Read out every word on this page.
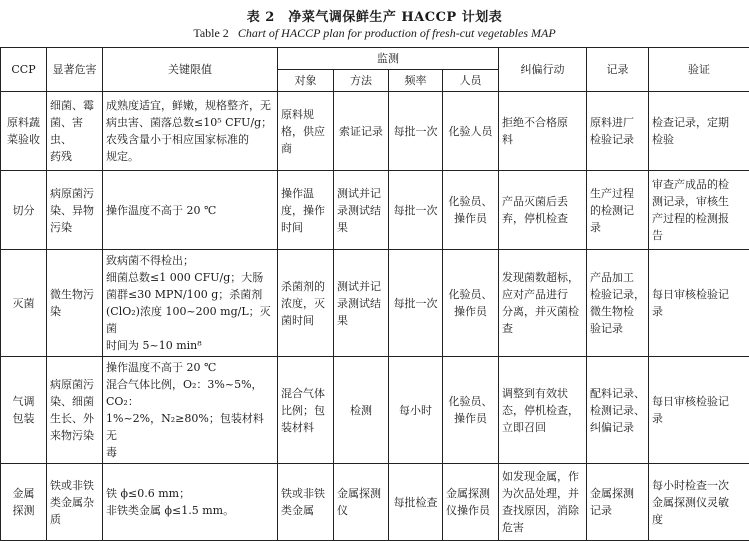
表 2　净菜气调保鲜生产 HACCP 计划表
Table 2 Chart of HACCP plan for production of fresh-cut vegetables MAP
CCP	显著危害	关键限值	监测				纠偏行动	记录	验证
			对象	方法	频率	人员			

原料蔬
菜验收	细菌、霉
菌、害虫、
药残	成熟度适宜，鲜嫩，规格整齐，无
病虫害、菌落总数≤10⁵ CFU/g；
农残含量小于相应国家标准的
规定。	原料规
格，供应
商	索证记录	每批一次	化验人员	拒绝不合格原
料	原料进厂
检验记录	检查记录，定期
检验

切分	病原菌污
染、异物
污染	操作温度不高于 20 ℃	操作温
度，操作
时间	测试并记
录测试结
果	每批一次	化验员、
操作员	产品灭菌后丢
弃，停机检查	生产过程
的检测记
录	审查产成品的检
测记录，审核生
产过程的检测报
告

灭菌	微生物污
染	致病菌不得检出；
细菌总数≤1 000 CFU/g；大肠
菌群≤30 MPN/100 g；杀菌剂
(ClO₂)浓度 100~200 mg/L；灭菌
时间为 5~10 min⁸	杀菌剂的
浓度，灭
菌时间	测试并记
录测试结
果	每批一次	化验员、
操作员	发现菌数超标，
应对产品进行
分离，并灭菌检
查	产品加工
检验记录，
微生物检
验记录	每日审核检验记
录

气调
包装	病原菌污
染、细菌
生长、外
来物污染	操作温度不高于 20 ℃
混合气体比例，O₂：3%~5%，CO₂：
1%~2%，N₂≥80%；包装材料无
毒	混合气体
比例；包
装材料	检测	每小时	化验员、
操作员	调整到有效状
态，停机检查，
立即召回	配料记录、
检测记录、
纠偏记录	每日审核检验记
录

金属
探测	铁或非铁
类金属杂
质	铁 ϕ≤0.6 mm；
非铁类金属 ϕ≤1.5 mm。	铁或非铁
类金属	金属探测
仪	每批检查	金属探测
仪操作员	如发现金属，作
为次品处理，并
查找原因，消除
危害	金属探测
记录	每小时检查一次
金属探测仪灵敏
度
